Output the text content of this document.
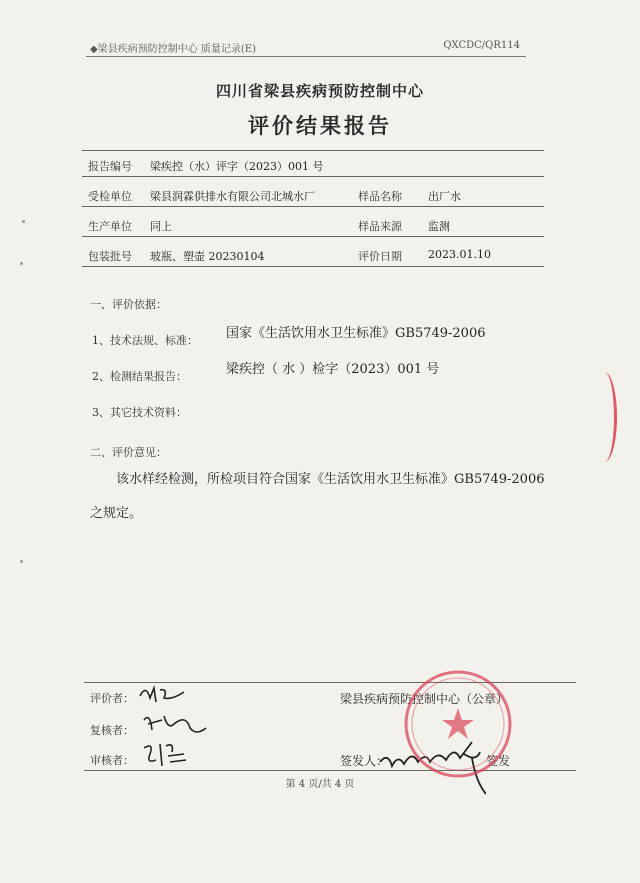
◆梁县疾病预防控制中心 质量记录(E)	QXCDC/QR114
四川省梁县疾病预防控制中心
评价结果报告
报告编号 梁疾控（水）评字（2023）001 号
受检单位 梁县润霖供排水有限公司北城水厂	样品名称 出厂水
生产单位 同上	样品来源 监测
包装批号 玻瓶、塑壶 20230104	评价日期 2023.01.10
一、评价依据：
1、技术法规、标准： 国家《生活饮用水卫生标准》GB5749-2006
2、检测结果报告：	梁疾控（ 水 ）检字（2023）001 号
3、其它技术资料：
二、评价意见：
该水样经检测，所检项目符合国家《生活饮用水卫生标准》GB5749-2006
之规定。
评价者：
复核者：
审核者：
梁县疾病预防控制中心（公章）
签发人：	签发
第 4 页/共 4 页
